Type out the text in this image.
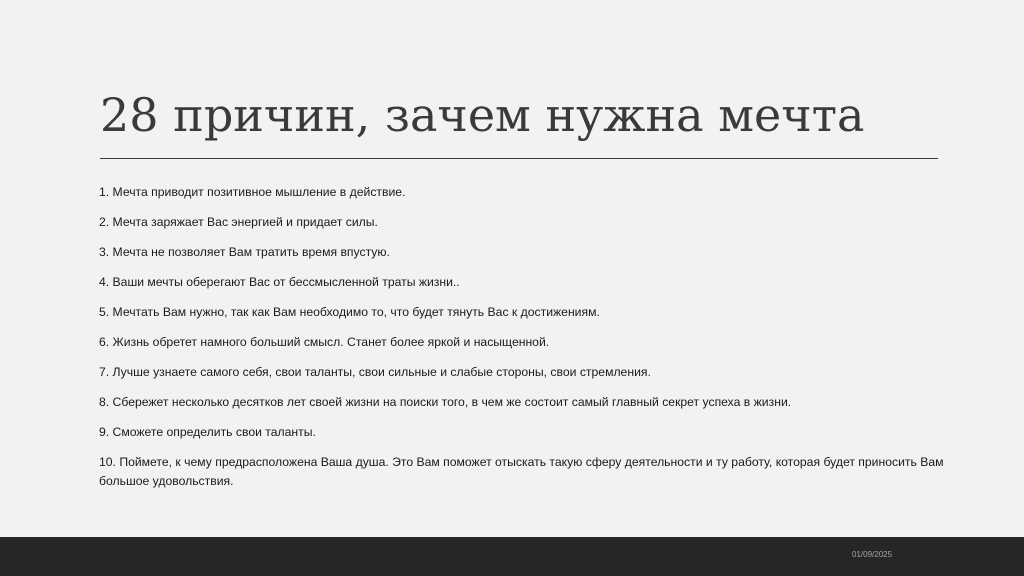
28 причин, зачем нужна мечта
1. Мечта приводит позитивное мышление в действие.
2. Мечта заряжает Вас энергией и придает силы.
3. Мечта не позволяет Вам тратить время впустую.
4. Ваши мечты оберегают Вас от бессмысленной траты жизни..
5. Мечтать Вам нужно, так как Вам необходимо то, что будет тянуть Вас к достижениям.
6. Жизнь обретет намного больший смысл. Станет более яркой и насыщенной.
7. Лучше узнаете самого себя, свои таланты, свои сильные и слабые стороны, свои стремления.
8. Сбережет несколько десятков лет своей жизни на поиски того, в чем же состоит самый главный секрет успеха в жизни.
9. Сможете определить свои таланты.
10. Поймете, к чему предрасположена Ваша душа. Это Вам поможет отыскать такую сферу деятельности и ту работу, которая будет приносить Вам большое удовольствия.
01/09/2025
